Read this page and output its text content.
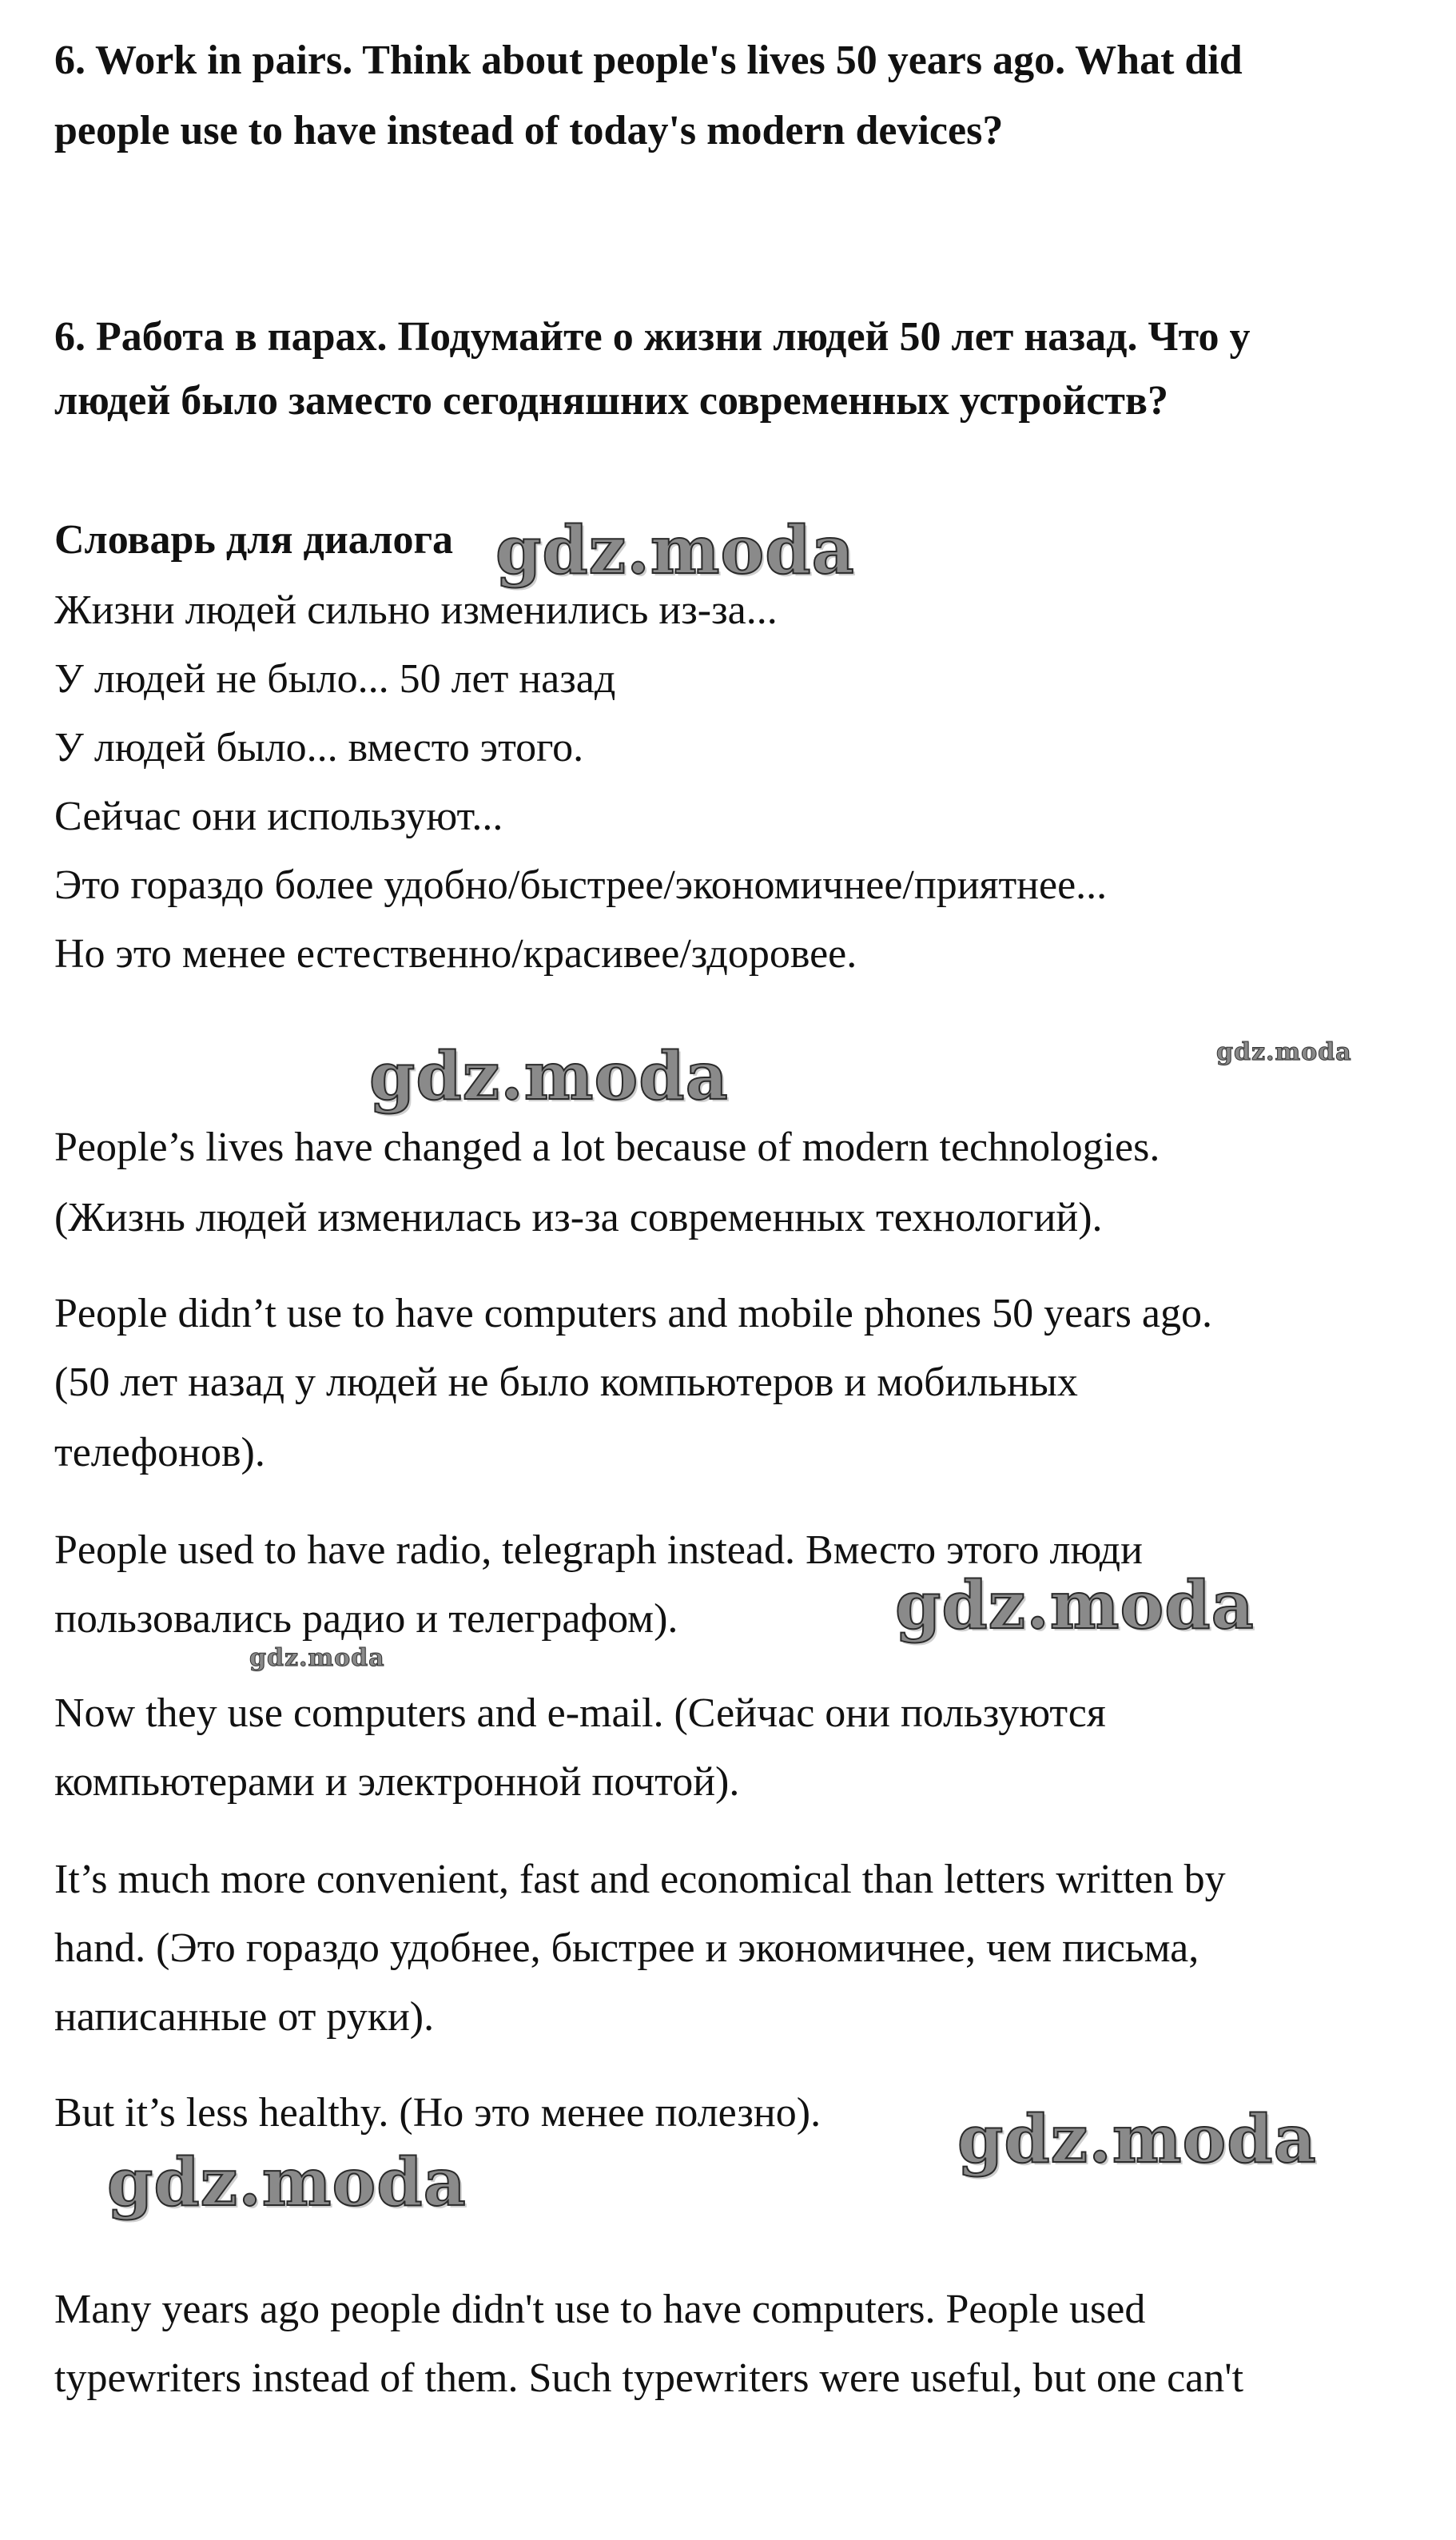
6. Work in pairs. Think about people's lives 50 years ago. What did
people use to have instead of today's modern devices?
6. Работа в парах. Подумайте о жизни людей 50 лет назад. Что у
людей было заместо сегодняшних современных устройств?
Словарь для диалога
Жизни людей сильно изменились из-за...
У людей не было... 50 лет назад
У людей было... вместо этого.
Сейчас они используют...
Это гораздо более удобно/быстрее/экономичнее/приятнее...
Но это менее естественно/красивее/здоровее.
People’s lives have changed a lot because of modern technologies.
(Жизнь людей изменилась из-за современных технологий).
People didn’t use to have computers and mobile phones 50 years ago.
(50 лет назад у людей не было компьютеров и мобильных
телефонов).
People used to have radio, telegraph instead. Вместо этого люди
пользовались радио и телеграфом).
Now they use computers and e-mail. (Сейчас они пользуются
компьютерами и электронной почтой).
It’s much more convenient, fast and economical than letters written by
hand. (Это гораздо удобнее, быстрее и экономичнее, чем письма,
написанные от руки).
But it’s less healthy. (Но это менее полезно).
Many years ago people didn't use to have computers. People used
typewriters instead of them. Such typewriters were useful, but one can't
gdz.moda
gdz.moda	gdz.moda
gdz.moda
gdz.moda
gdz.moda
gdz.moda
